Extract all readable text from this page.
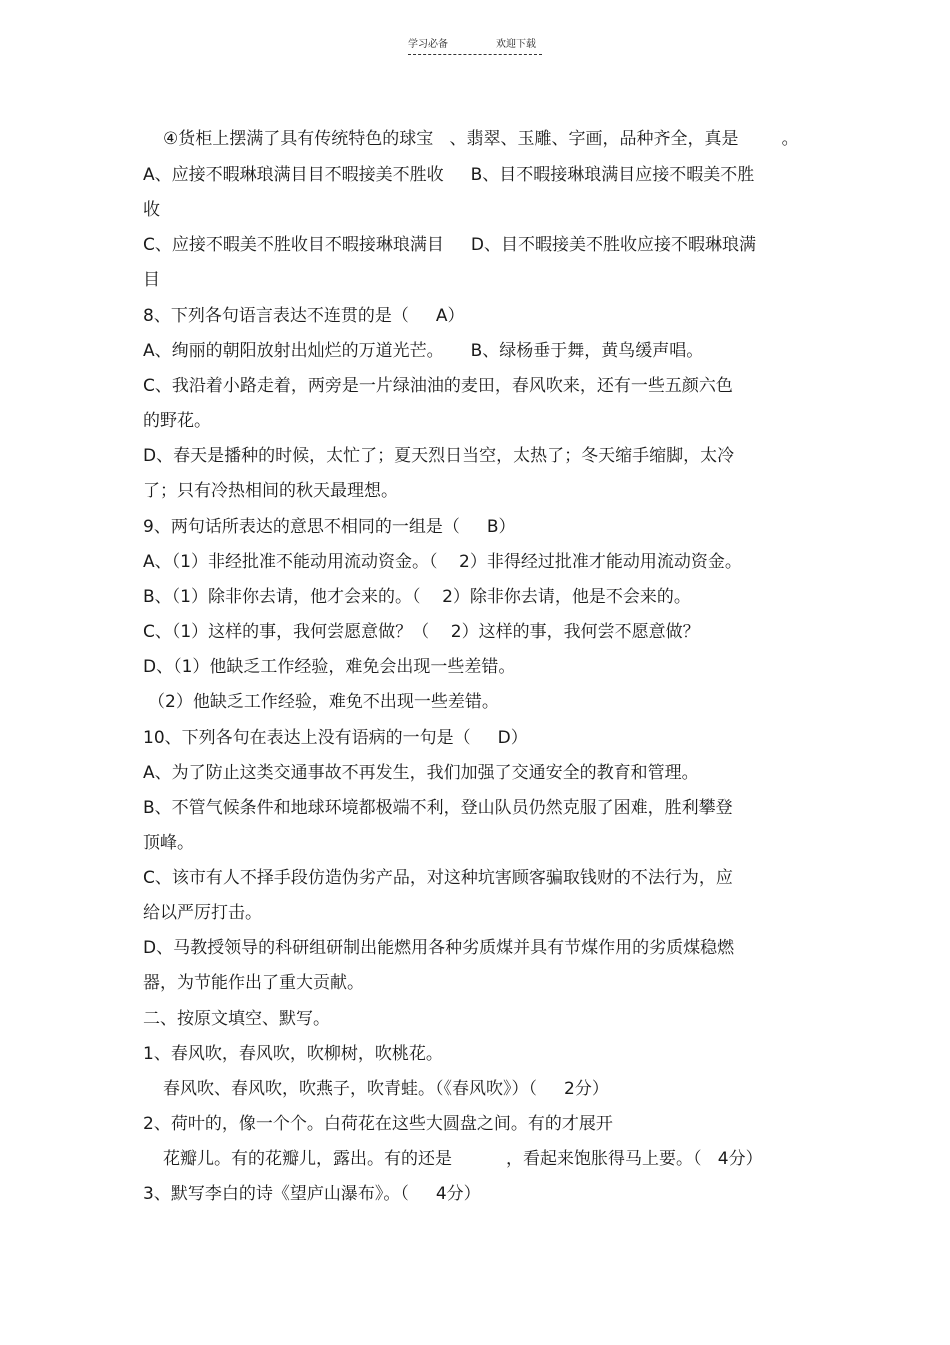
学习必备	欢迎下载
④货柜上摆满了具有传统特色的球宝   、翡翠、玉雕、字画，品种齐全，真是        。
A、应接不暇琳琅满目目不暇接美不胜收     B、目不暇接琳琅满目应接不暇美不胜
收
C、应接不暇美不胜收目不暇接琳琅满目     D、目不暇接美不胜收应接不暇琳琅满
目
8、下列各句语言表达不连贯的是（     A）
A、绚丽的朝阳放射出灿烂的万道光芒。     B、绿杨垂于舞，黄鸟缓声唱。
C、我沿着小路走着，两旁是一片绿油油的麦田，春风吹来，还有一些五颜六色
的野花。
D、春天是播种的时候，太忙了；夏天烈日当空，太热了；冬天缩手缩脚，太冷
了；只有冷热相间的秋天最理想。
9、两句话所表达的意思不相同的一组是（     B）
A、（1）非经批准不能动用流动资金。（    2）非得经过批准才能动用流动资金。
B、（1）除非你去请，他才会来的。（    2）除非你去请，他是不会来的。
C、（1）这样的事，我何尝愿意做？（    2）这样的事，我何尝不愿意做？
D、（1）他缺乏工作经验，难免会出现一些差错。
（2）他缺乏工作经验，难免不出现一些差错。
10、下列各句在表达上没有语病的一句是（     D）
A、为了防止这类交通事故不再发生，我们加强了交通安全的教育和管理。
B、不管气候条件和地球环境都极端不利，登山队员仍然克服了困难，胜利攀登
顶峰。
C、该市有人不择手段仿造伪劣产品，对这种坑害顾客骗取钱财的不法行为，应
给以严厉打击。
D、马教授领导的科研组研制出能燃用各种劣质煤并具有节煤作用的劣质煤稳燃
器，为节能作出了重大贡献。
二、按原文填空、默写。
1、春风吹，春风吹，吹柳树，吹桃花。
春风吹、春风吹，吹燕子，吹青蛙。（《春风吹》）（     2分）
2、荷叶的，像一个个。白荷花在这些大圆盘之间。有的才展开
花瓣儿。有的花瓣儿，露出。有的还是          ，看起来饱胀得马上要。（   4分）
3、默写李白的诗《望庐山瀑布》。（     4分）
